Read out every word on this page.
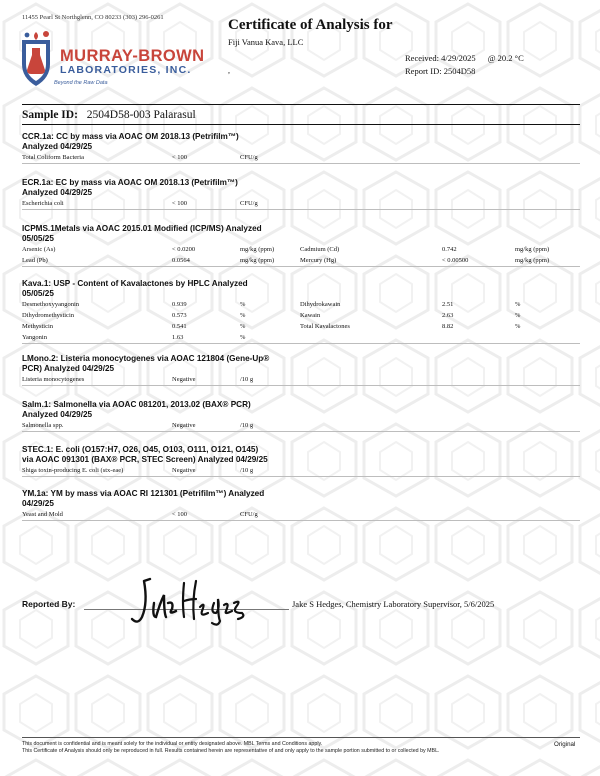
11455 Pearl St Northglenn, CO 80233 (303) 296-0261
MURRAY-BROWN
LABORATORIES, INC.
Beyond the Raw Data
Certificate of Analysis for
Fiji Vanua Kava, LLC
,
Received: 4/29/2025 @ 20.2 °C
Report ID: 2504D58
Sample ID: 2504D58-003 Palarasul
CCR.1a: CC by mass via AOAC OM 2018.13 (Petrifilm™)
Analyzed 04/29/25
Total Coliform Bacteria	< 100	CFU/g
ECR.1a: EC by mass via AOAC OM 2018.13 (Petrifilm™)
Analyzed 04/29/25
Escherichia coli	< 100	CFU/g
ICPMS.1Metals via AOAC 2015.01 Modified (ICP/MS) Analyzed
05/05/25
Arsenic (As)	< 0.0200	mg/kg (ppm)	Cadmium (Cd)	0.742	mg/kg (ppm)
Lead (Pb)	0.0564	mg/kg (ppm)	Mercury (Hg)	< 0.00500	mg/kg (ppm)
Kava.1: USP - Content of Kavalactones by HPLC Analyzed
05/05/25
Desmethoxyyangonin	0.939	%	Dihydrokawain	2.51	%
Dihydromethysticin	0.573	%	Kawain	2.63	%
Methysticin	0.541	%	Total Kavalactones	8.82	%
Yangonin	1.63	%
LMono.2: Listeria monocytogenes via AOAC 121804 (Gene-Up®
PCR) Analyzed 04/29/25
Listeria monocytogenes	Negative	/10 g
Salm.1: Salmonella via AOAC 081201, 2013.02 (BAX® PCR)
Analyzed 04/29/25
Salmonella spp.	Negative	/10 g
STEC.1: E. coli (O157:H7, O26, O45, O103, O111, O121, O145)
via AOAC 091301 (BAX® PCR, STEC Screen) Analyzed 04/29/25
Shiga toxin-producing E. coli (stx-eae)	Negative	/10 g
YM.1a: YM by mass via AOAC RI 121301 (Petrifilm™) Analyzed
04/29/25
Yeast and Mold	< 100	CFU/g
Reported By:	Jake S Hedges, Chemistry Laboratory Supervisor, 5/6/2025
This document is confidential and is meant solely for the individual or entity designated above. MBL Terms and Conditions apply.
This Certificate of Analysis should only be reproduced in full. Results contained herein are representative of and only apply to the sample portion submitted to or collected by MBL.
Original
